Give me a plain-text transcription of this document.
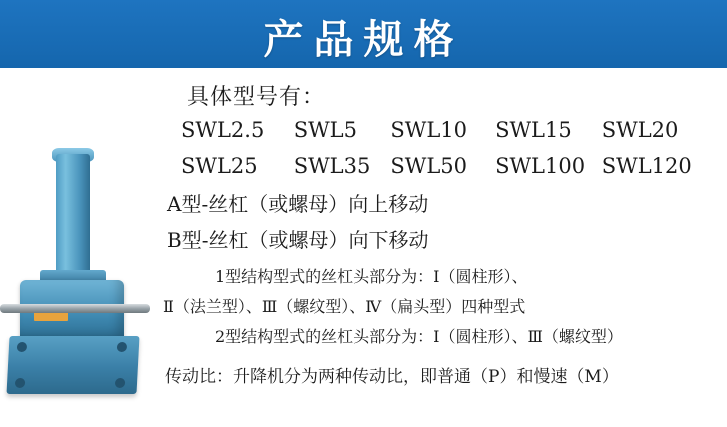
产品规格
具体型号有：
SWL2.5 SWL5 SWL10 SWL15 SWL20
SWL25 SWL35 SWL50 SWL100 SWL120
A型-丝杠（或螺母）向上移动
B型-丝杠（或螺母）向下移动
1型结构型式的丝杠头部分为：Ⅰ（圆柱形）、
Ⅱ（法兰型）、Ⅲ（螺纹型）、Ⅳ（扁头型）四种型式
2型结构型式的丝杠头部分为：Ⅰ（圆柱形）、Ⅲ（螺纹型）
传动比：升降机分为两种传动比，即普通（P）和慢速（M）
